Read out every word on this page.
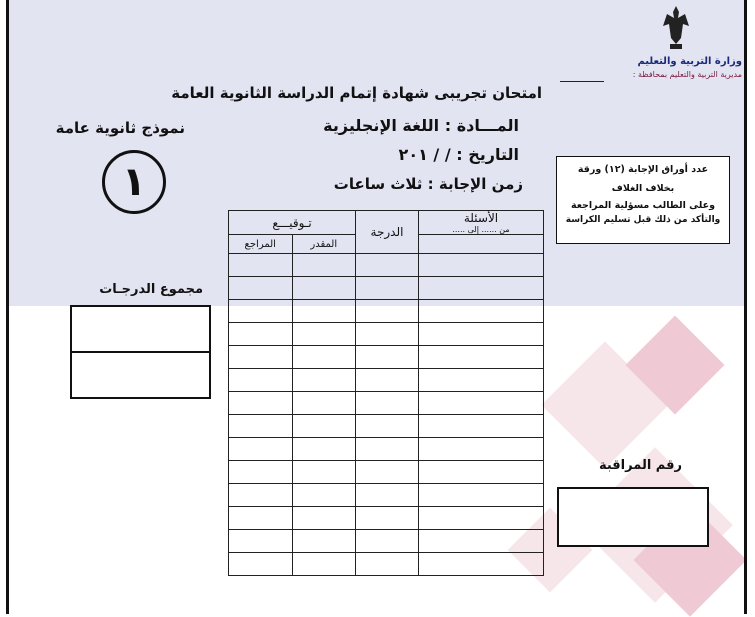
وزارة التربية والتعليم
مديرية التربية والتعليم بمحافظة :
امتحان تجريبى شهادة إتمام الدراسة الثانوية العامة
المـــادة : اللغة الإنجليزية
التاريخ : / / ٢٠١
زمن الإجابة : ثلاث ساعات
نموذج ثانوية عامة
١	عدد أوراق الإجابة (١٢) ورقة
بخلاف الغلاف
وعلى الطالب مسؤلية المراجعة
والتأكد من ذلك قبل تسليم الكراسة
الأسئلة
من ...... إلى .....	الدرجة	تـوقيـــع	
		المقدر	المراجع

مجموع الدرجـات
رقم المراقبة
